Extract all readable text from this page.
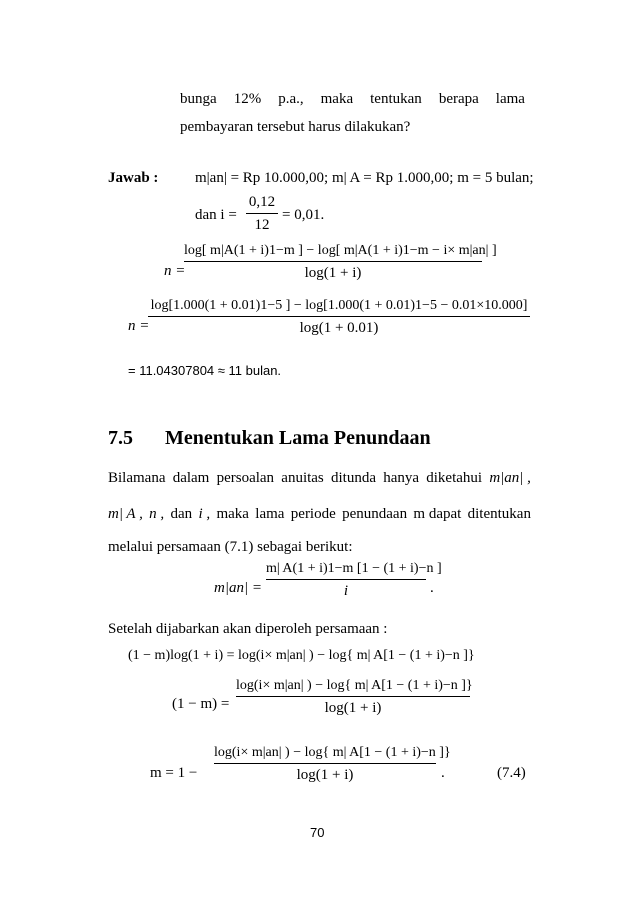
bunga 12% p.a., maka tentukan berapa lama
pembayaran tersebut harus dilakukan?
Jawab : m|an| = Rp 10.000,00; m| A = Rp 1.000,00; m = 5 bulan;
dan i =
0,12
12
= 0,01.
n =
log[ m|A(1 + i)1−m ] − log[ m|A(1 + i)1−m − i× m|an| ]
log(1 + i)
n =
log[1.000(1 + 0.01)1−5 ] − log[1.000(1 + 0.01)1−5 − 0.01×10.000]
log(1 + 0.01)
= 11.04307804 ≈ 11 bulan.
7.5 Menentukan Lama Penundaan
Bilamana dalam persoalan anuitas ditunda hanya diketahui m|an| ,
m| A , n , dan i , maka lama periode penundaan m dapat ditentukan
melalui persamaan (7.1) sebagai berikut:
m|an| =
m| A(1 + i)1−m [1 − (1 + i)−n ]
i	.
Setelah dijabarkan akan diperoleh persamaan :
(1 − m)log(1 + i) = log(i× m|an| ) − log{ m| A[1 − (1 + i)−n ]}
(1 − m) =
log(i× m|an| ) − log{ m| A[1 − (1 + i)−n ]}
log(1 + i)
m = 1 −
log(i× m|an| ) − log{ m| A[1 − (1 + i)−n ]}
log(1 + i)	.	(7.4)
70
